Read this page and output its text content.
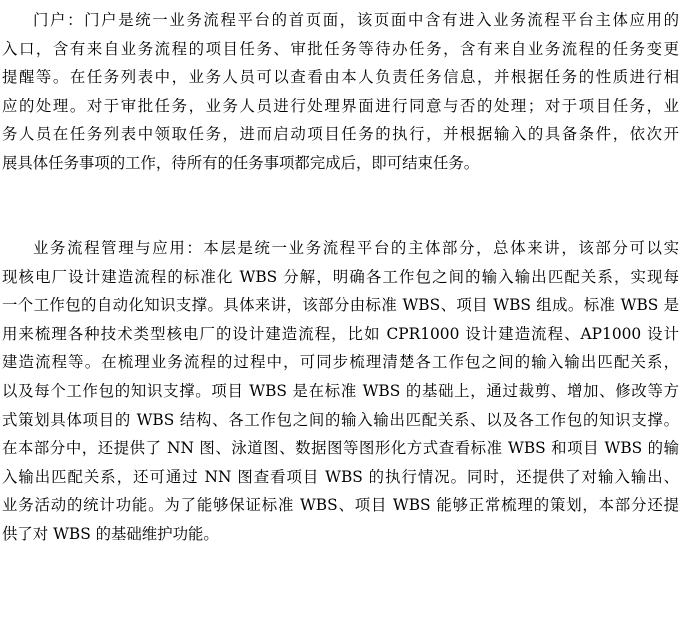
门户：门户是统一业务流程平台的首页面，该页面中含有进入业务流程平台主体应用的
入口，含有来自业务流程的项目任务、审批任务等待办任务，含有来自业务流程的任务变更
提醒等。在任务列表中，业务人员可以查看由本人负责任务信息，并根据任务的性质进行相
应的处理。对于审批任务，业务人员进行处理界面进行同意与否的处理；对于项目任务，业
务人员在任务列表中领取任务，进而启动项目任务的执行，并根据输入的具备条件，依次开
展具体任务事项的工作，待所有的任务事项都完成后，即可结束任务。
业务流程管理与应用：本层是统一业务流程平台的主体部分，总体来讲，该部分可以实
现核电厂设计建造流程的标准化 WBS 分解，明确各工作包之间的输入输出匹配关系，实现每
一个工作包的自动化知识支撑。具体来讲，该部分由标准 WBS、项目 WBS 组成。标准 WBS 是
用来梳理各种技术类型核电厂的设计建造流程，比如 CPR1000 设计建造流程、AP1000 设计
建造流程等。在梳理业务流程的过程中，可同步梳理清楚各工作包之间的输入输出匹配关系，
以及每个工作包的知识支撑。项目 WBS 是在标准 WBS 的基础上，通过裁剪、增加、修改等方
式策划具体项目的 WBS 结构、各工作包之间的输入输出匹配关系、以及各工作包的知识支撑。
在本部分中，还提供了 NN 图、泳道图、数据图等图形化方式查看标准 WBS 和项目 WBS 的输
入输出匹配关系，还可通过 NN 图查看项目 WBS 的执行情况。同时，还提供了对输入输出、
业务活动的统计功能。为了能够保证标准 WBS、项目 WBS 能够正常梳理的策划，本部分还提
供了对 WBS 的基础维护功能。
